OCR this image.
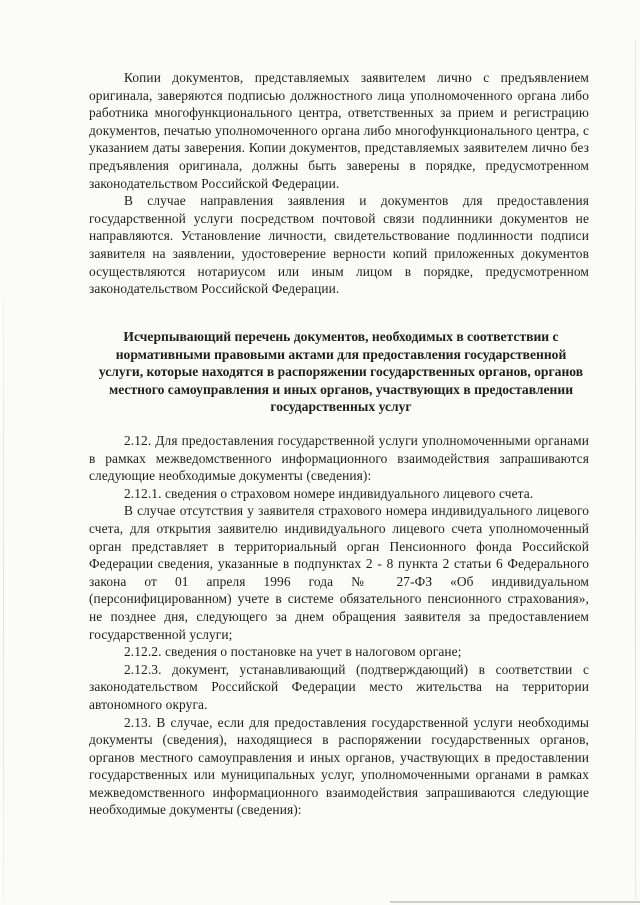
Копии документов, представляемых заявителем лично с предъявлением оригинала, заверяются подписью должностного лица уполномоченного органа либо работника многофункционального центра, ответственных за прием и регистрацию документов, печатью уполномоченного органа либо многофункционального центра, с указанием даты заверения. Копии документов, представляемых заявителем лично без предъявления оригинала, должны быть заверены в порядке, предусмотренном законодательством Российской Федерации.

В случае направления заявления и документов для предоставления государственной услуги посредством почтовой связи подлинники документов не направляются. Установление личности, свидетельствование подлинности подписи заявителя на заявлении, удостоверение верности копий приложенных документов осуществляются нотариусом или иным лицом в порядке, предусмотренном законодательством Российской Федерации.

Исчерпывающий перечень документов, необходимых в соответствии с нормативными правовыми актами для предоставления государственной услуги, которые находятся в распоряжении государственных органов, органов местного самоуправления и иных органов, участвующих в предоставлении государственных услуг

2.12. Для предоставления государственной услуги уполномоченными органами в рамках межведомственного информационного взаимодействия запрашиваются следующие необходимые документы (сведения):

2.12.1. сведения о страховом номере индивидуального лицевого счета.

В случае отсутствия у заявителя страхового номера индивидуального лицевого счета, для открытия заявителю индивидуального лицевого счета уполномоченный орган представляет в территориальный орган Пенсионного фонда Российской Федерации сведения, указанные в подпунктах 2 - 8 пункта 2 статьи 6 Федерального закона от 01 апреля 1996 года № 27-ФЗ «Об индивидуальном (персонифицированном) учете в системе обязательного пенсионного страхования», не позднее дня, следующего за днем обращения заявителя за предоставлением государственной услуги;

2.12.2. сведения о постановке на учет в налоговом органе;

2.12.3. документ, устанавливающий (подтверждающий) в соответствии с законодательством Российской Федерации место жительства на территории автономного округа.

2.13. В случае, если для предоставления государственной услуги необходимы документы (сведения), находящиеся в распоряжении государственных органов, органов местного самоуправления и иных органов, участвующих в предоставлении государственных или муниципальных услуг, уполномоченными органами в рамках межведомственного информационного взаимодействия запрашиваются следующие необходимые документы (сведения):
